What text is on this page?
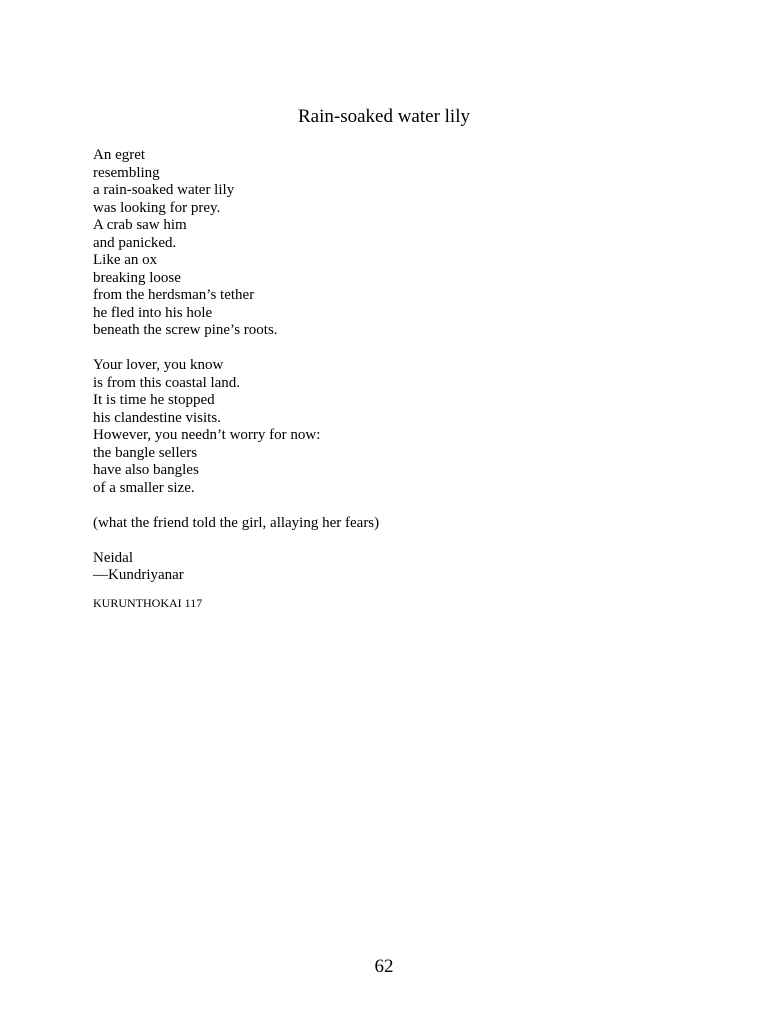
Rain-soaked water lily
An egret
resembling
a rain-soaked water lily
was looking for prey.
A crab saw him
and panicked.
Like an ox
breaking loose
from the herdsman’s tether
he fled into his hole
beneath the screw pine’s roots.
Your lover, you know
is from this coastal land.
It is time he stopped
his clandestine visits.
However, you needn’t worry for now:
the bangle sellers
have also bangles
of a smaller size.
(what the friend told the girl, allaying her fears)
Neidal
—Kundriyanar
KURUNTHOKAI 117
62
